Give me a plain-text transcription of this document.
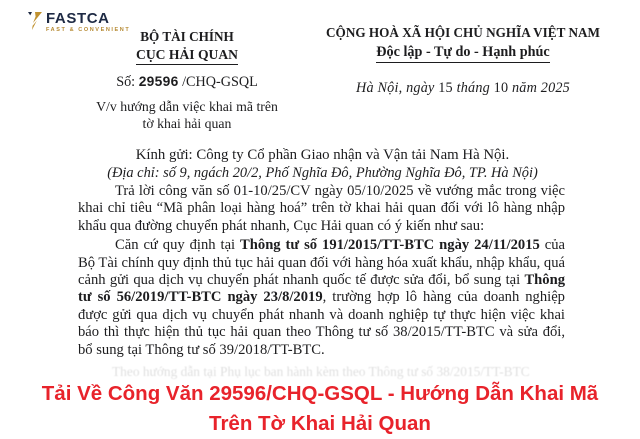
FASTCA
FAST & CONVENIENT BỘ TÀI CHÍNH
CỤC HẢI QUAN
Số: 29596 /CHQ-GSQL
V/v hướng dẫn việc khai mã trên
tờ khai hải quan
CỘNG HOÀ XÃ HỘI CHỦ NGHĨA VIỆT NAM
Độc lập - Tự do - Hạnh phúc
Hà Nội, ngày 15 tháng 10 năm 2025
Kính gửi: Công ty Cổ phần Giao nhận và Vận tải Nam Hà Nội.
(Địa chỉ: số 9, ngách 20/2, Phố Nghĩa Đô, Phường Nghĩa Đô, TP. Hà Nội)

Trả lời công văn số 01-10/25/CV ngày 05/10/2025 về vướng mắc trong việc khai chỉ tiêu “Mã phân loại hàng hoá” trên tờ khai hải quan đối với lô hàng nhập khẩu qua đường chuyển phát nhanh, Cục Hải quan có ý kiến như sau:

Căn cứ quy định tại Thông tư số 191/2015/TT-BTC ngày 24/11/2015 của Bộ Tài chính quy định thủ tục hải quan đối với hàng hóa xuất khẩu, nhập khẩu, quá cảnh gửi qua dịch vụ chuyển phát nhanh quốc tế được sửa đổi, bổ sung tại Thông tư số 56/2019/TT-BTC ngày 23/8/2019, trường hợp lô hàng của doanh nghiệp được gửi qua dịch vụ chuyển phát nhanh và doanh nghiệp tự thực hiện việc khai báo thì thực hiện thủ tục hải quan theo Thông tư số 38/2015/TT-BTC và sửa đổi, bổ sung tại Thông tư số 39/2018/TT-BTC.

Theo hướng dẫn tại Phụ lục ban hành kèm theo Thông tư số 38/2015/TT-BTC
Tải Về Công Văn 29596/CHQ-GSQL - Hướng Dẫn Khai Mã
Trên Tờ Khai Hải Quan
